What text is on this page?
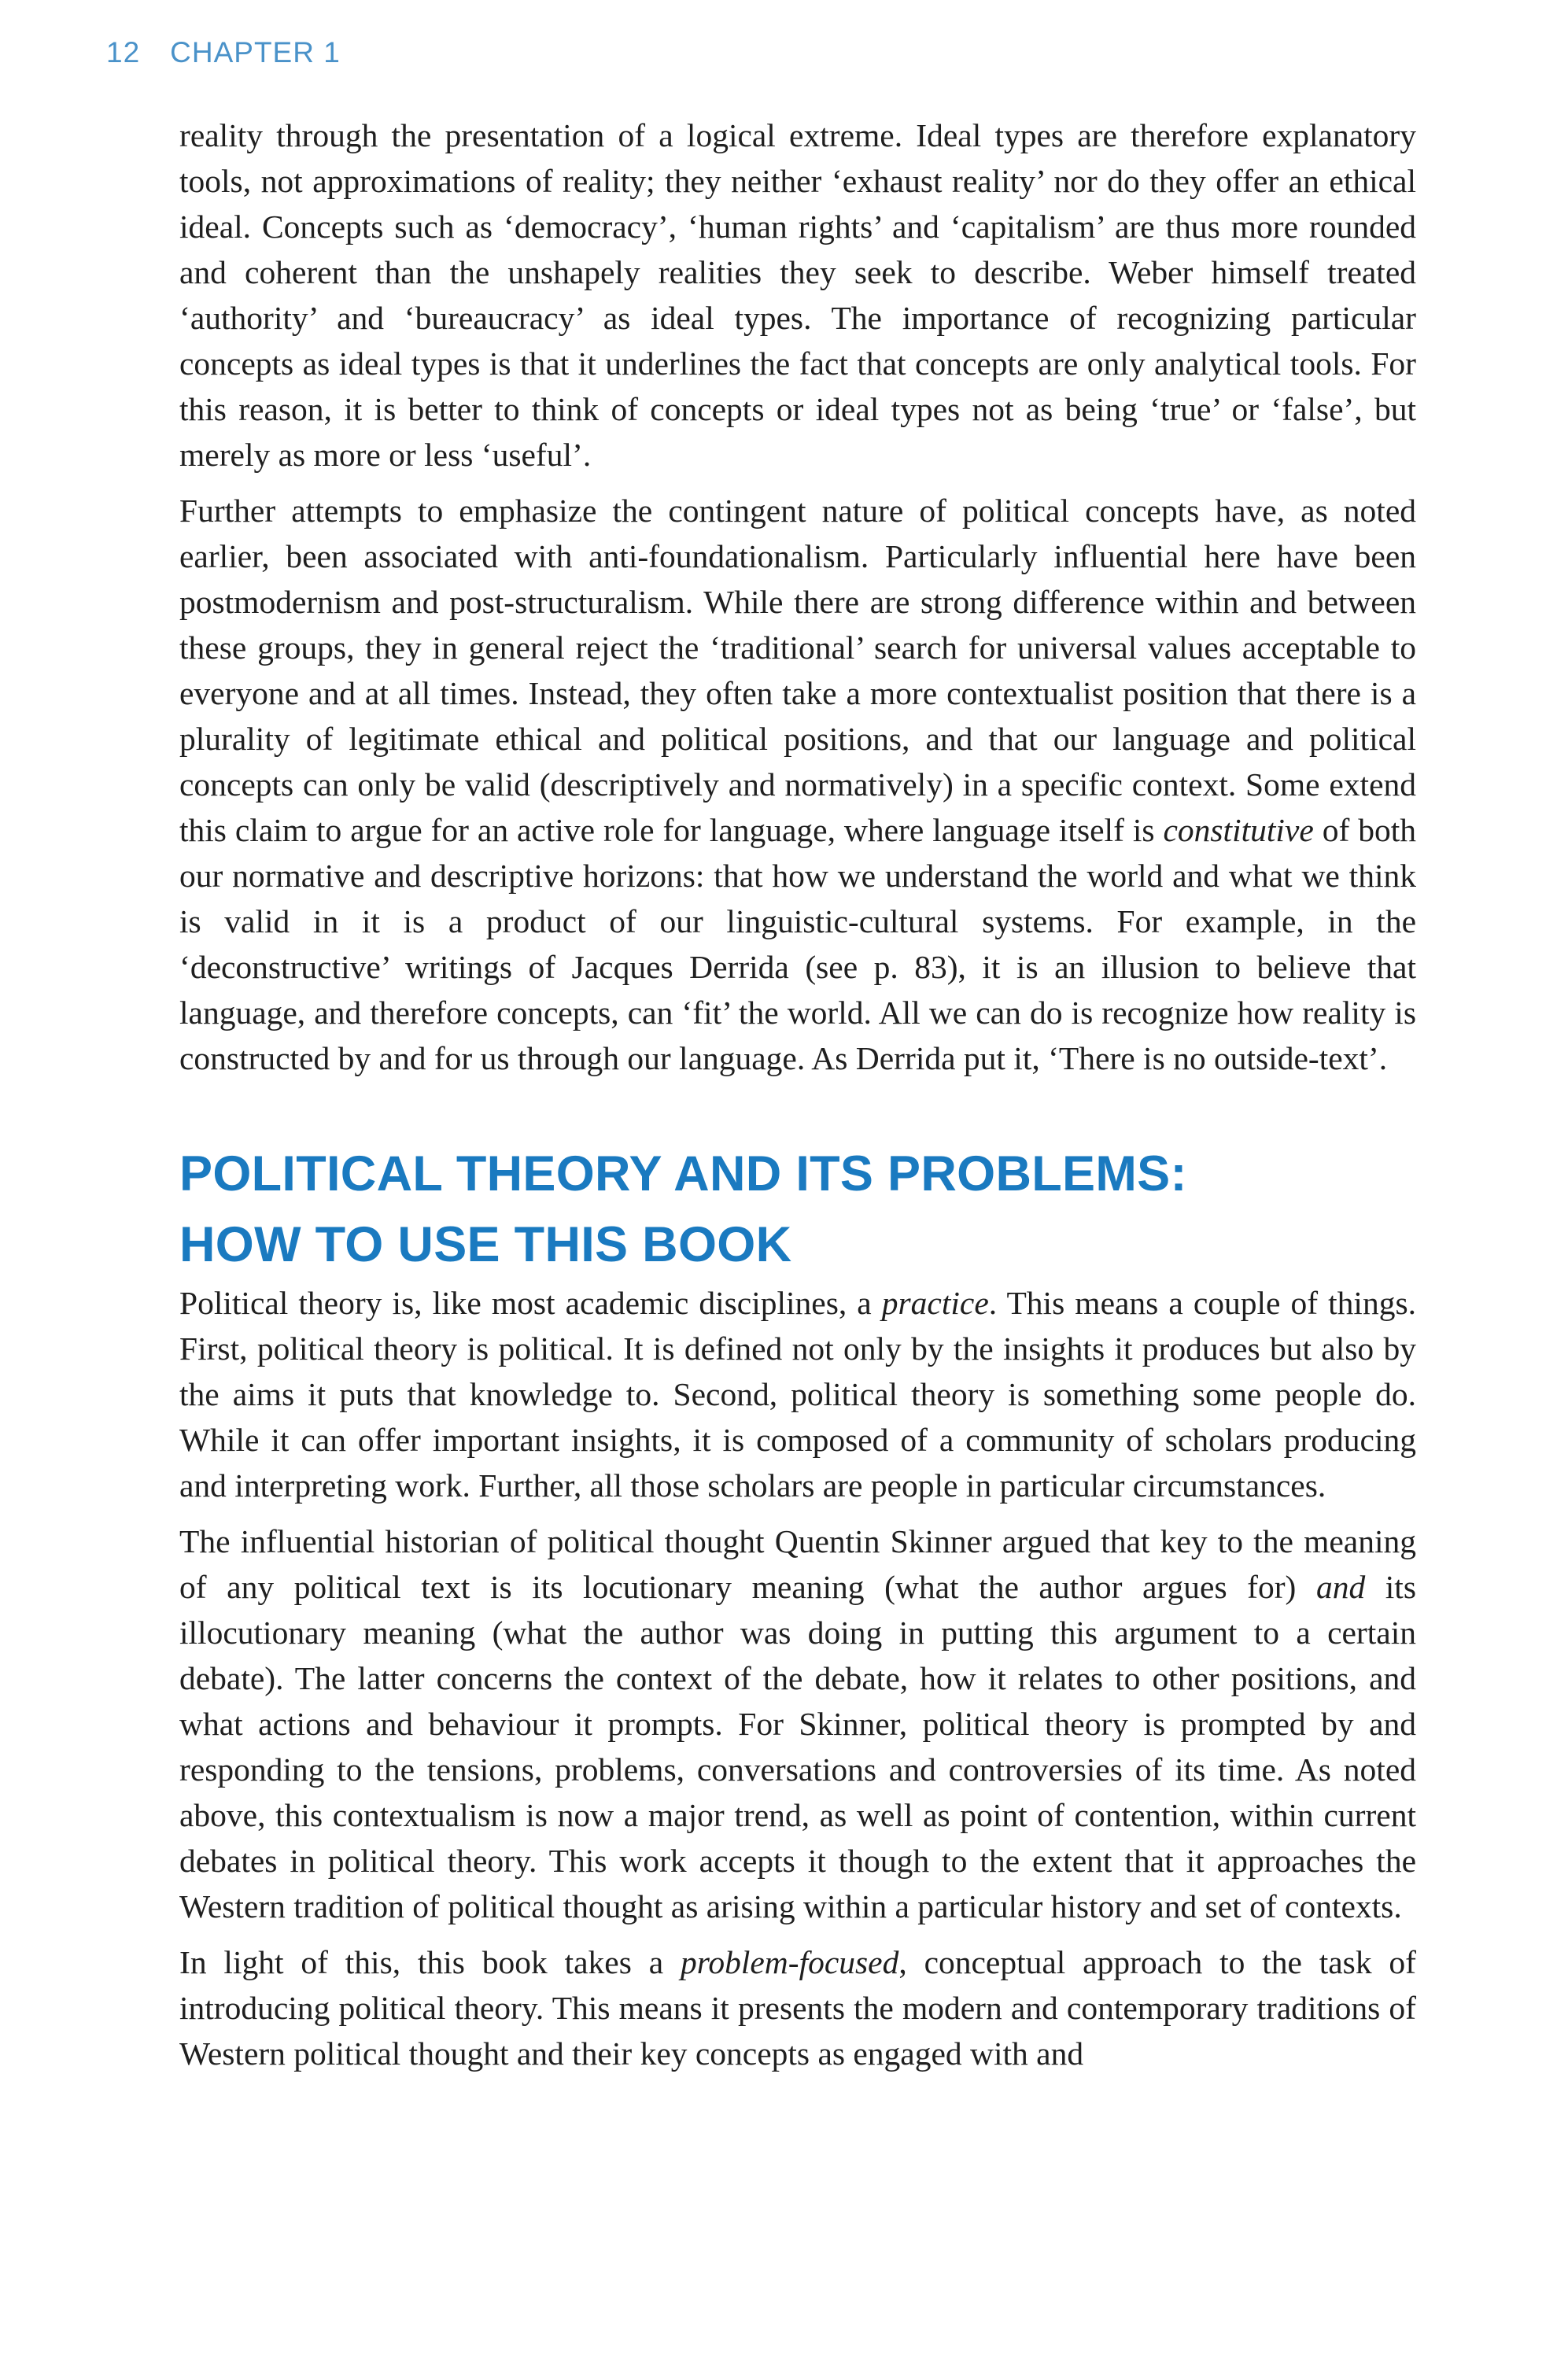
12 CHAPTER 1

reality through the presentation of a logical extreme. Ideal types are therefore explanatory tools, not approximations of reality; they neither ‘exhaust reality’ nor do they offer an ethical ideal. Concepts such as ‘democracy’, ‘human rights’ and ‘capitalism’ are thus more rounded and coherent than the unshapely realities they seek to describe. Weber himself treated ‘authority’ and ‘bureaucracy’ as ideal types. The importance of recognizing particular concepts as ideal types is that it underlines the fact that concepts are only analytical tools. For this reason, it is better to think of concepts or ideal types not as being ‘true’ or ‘false’, but merely as more or less ‘useful’.

Further attempts to emphasize the contingent nature of political concepts have, as noted earlier, been associated with anti-foundationalism. Particularly influential here have been postmodernism and post-structuralism. While there are strong difference within and between these groups, they in general reject the ‘traditional’ search for universal values acceptable to everyone and at all times. Instead, they often take a more contextualist position that there is a plurality of legitimate ethical and political positions, and that our language and political concepts can only be valid (descriptively and normatively) in a specific context. Some extend this claim to argue for an active role for language, where language itself is constitutive of both our normative and descriptive horizons: that how we understand the world and what we think is valid in it is a product of our linguistic-cultural systems. For example, in the ‘deconstructive’ writings of Jacques Derrida (see p. 83), it is an illusion to believe that language, and therefore concepts, can ‘fit’ the world. All we can do is recognize how reality is constructed by and for us through our language. As Derrida put it, ‘There is no outside-text’.

POLITICAL THEORY AND ITS PROBLEMS:
HOW TO USE THIS BOOK

Political theory is, like most academic disciplines, a practice. This means a couple of things. First, political theory is political. It is defined not only by the insights it produces but also by the aims it puts that knowledge to. Second, political theory is something some people do. While it can offer important insights, it is composed of a community of scholars producing and interpreting work. Further, all those scholars are people in particular circumstances.

The influential historian of political thought Quentin Skinner argued that key to the meaning of any political text is its locutionary meaning (what the author argues for) and its illocutionary meaning (what the author was doing in putting this argument to a certain debate). The latter concerns the context of the debate, how it relates to other positions, and what actions and behaviour it prompts. For Skinner, political theory is prompted by and responding to the tensions, problems, conversations and controversies of its time. As noted above, this contextualism is now a major trend, as well as point of contention, within current debates in political theory. This work accepts it though to the extent that it approaches the Western tradition of political thought as arising within a particular history and set of contexts.

In light of this, this book takes a problem-focused, conceptual approach to the task of introducing political theory. This means it presents the modern and contemporary traditions of Western political thought and their key concepts as engaged with and
